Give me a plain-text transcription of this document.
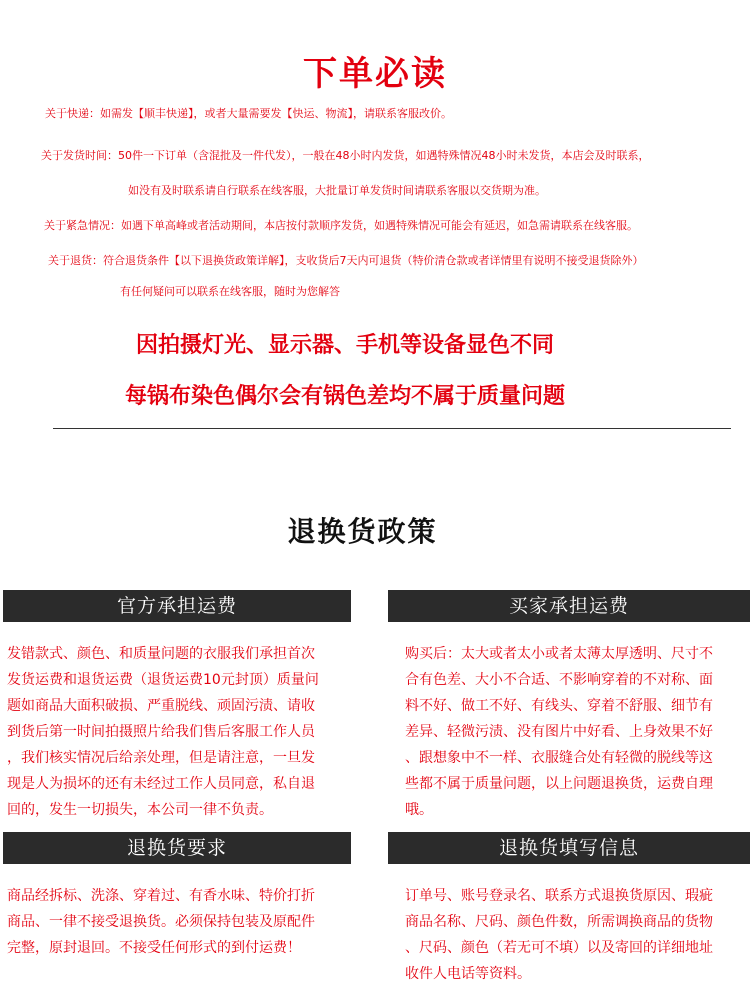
下单必读
关于快递：如需发【顺丰快递】，或者大量需要发【快运、物流】，请联系客服改价。
关于发货时间：50件一下订单（含混批及一件代发），一般在48小时内发货，如遇特殊情况48小时未发货，本店会及时联系，
如没有及时联系请自行联系在线客服，大批量订单发货时间请联系客服以交货期为准。
关于紧急情况：如遇下单高峰或者活动期间，本店按付款顺序发货，如遇特殊情况可能会有延迟，如急需请联系在线客服。
关于退货：符合退货条件【以下退换货政策详解】，支收货后7天内可退货（特价清仓款或者详情里有说明不接受退货除外）
有任何疑问可以联系在线客服，随时为您解答
因拍摄灯光、显示器、手机等设备显色不同
每锅布染色偶尔会有锅色差均不属于质量问题
退换货政策
官方承担运费
发错款式、颜色、和质量问题的衣服我们承担首次
发货运费和退货运费（退货运费10元封顶）质量问
题如商品大面积破损、严重脱线、顽固污渍、请收
到货后第一时间拍摄照片给我们售后客服工作人员
，我们核实情况后给亲处理，但是请注意，一旦发
现是人为损坏的还有未经过工作人员同意，私自退
回的，发生一切损失，本公司一律不负责。
买家承担运费
购买后：太大或者太小或者太薄太厚透明、尺寸不
合有色差、大小不合适、不影响穿着的不对称、面
料不好、做工不好、有线头、穿着不舒服、细节有
差异、轻微污渍、没有图片中好看、上身效果不好
、跟想象中不一样、衣服缝合处有轻微的脱线等这
些都不属于质量问题，以上问题退换货，运费自理
哦。
退换货要求
商品经拆标、洗涤、穿着过、有香水味、特价打折
商品、一律不接受退换货。必须保持包装及原配件
完整，原封退回。不接受任何形式的到付运费！
退换货填写信息
订单号、账号登录名、联系方式退换货原因、瑕疵
商品名称、尺码、颜色件数，所需调换商品的货物
、尺码、颜色（若无可不填）以及寄回的详细地址
收件人电话等资料。
